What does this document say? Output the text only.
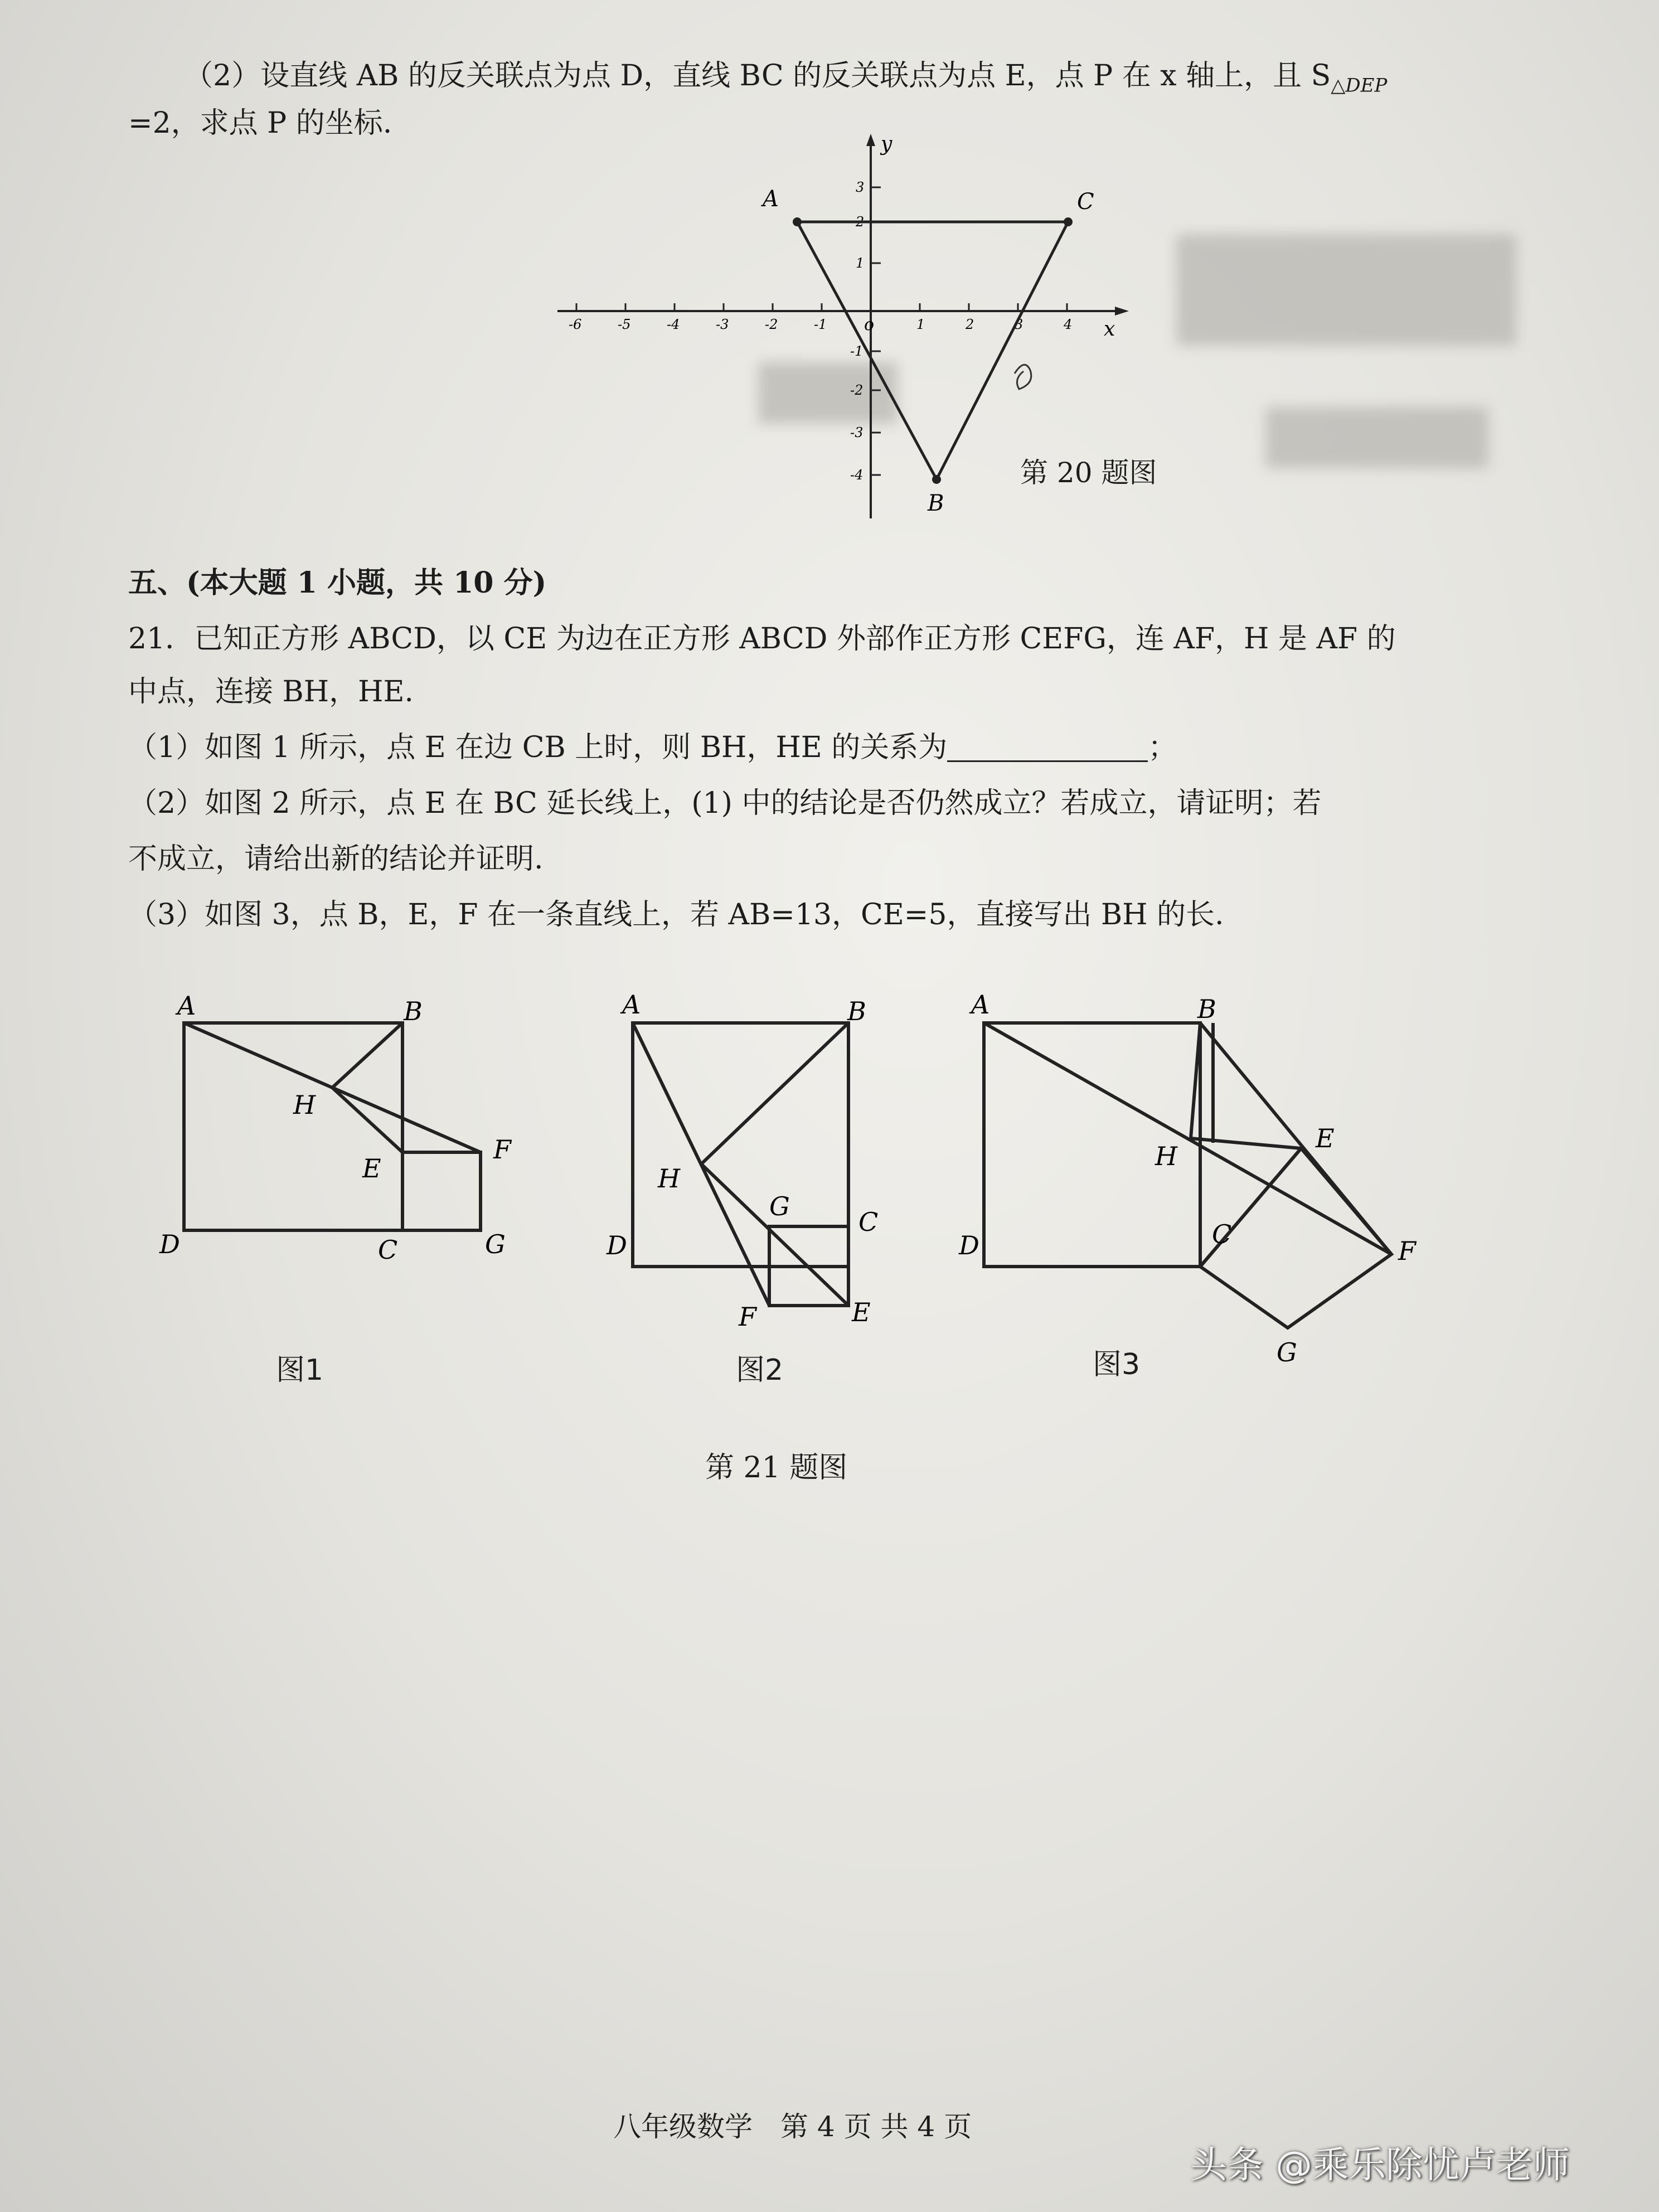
（2）设直线 AB 的反关联点为点 D，直线 BC 的反关联点为点 E，点 P 在 x 轴上，且 $S_{\triangle DEP}$
=2，求点 P 的坐标.
x
y
o
-6	-5	-4	-3	-2	-1	1	2	3	4
3
2
1
-1
-2
-3
-4
A	C
B
第 20 题图
五、(本大题 1 小题，共 10 分)
21．已知正方形 ABCD，以 CE 为边在正方形 ABCD 外部作正方形 CEFG，连 AF，H 是 AF 的
中点，连接 BH，HE.
（1）如图 1 所示，点 E 在边 CB 上时，则 BH，HE 的关系为	；
（2）如图 2 所示，点 E 在 BC 延长线上，(1) 中的结论是否仍然成立？若成立，请证明；若
不成立，请给出新的结论并证明.
（3）如图 3，点 B，E，F 在一条直线上，若 AB=13，CE=5，直接写出 BH 的长.
A	B
H
E
F
D	C	G
图1
A	B
H
G
C
D
F	E
图2
A	B
E
H
D	C
F
G
图3
第 21 题图
八年级数学　第 4 页 共 4 页
头条 @乘乐除忧卢老师
